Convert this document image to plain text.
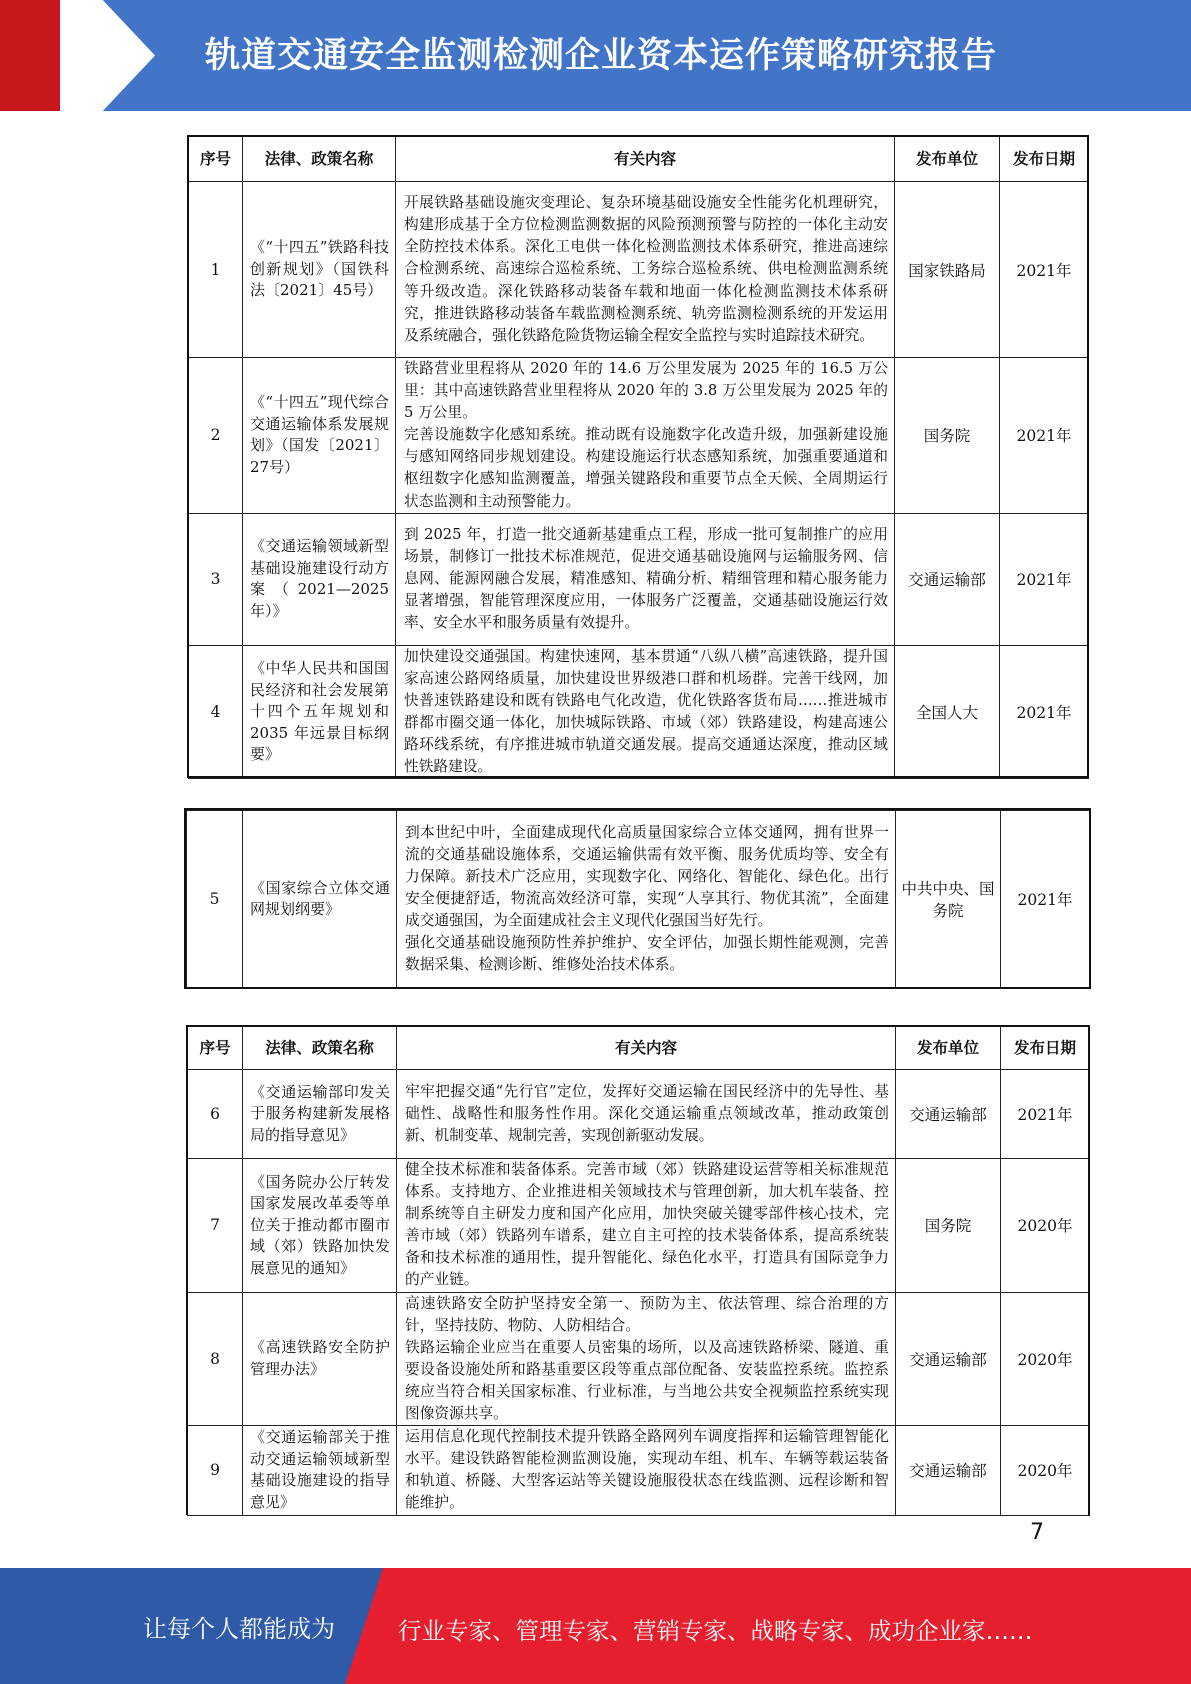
轨道交通安全监测检测企业资本运作策略研究报告
序号	法律、政策名称	有关内容	发布单位	发布日期
1	《“十四五”铁路科技创新规划》（国铁科法〔2021〕45号）	开展铁路基础设施灾变理论、复杂环境基础设施安全性能劣化机理研究，构建形成基于全方位检测监测数据的风险预测预警与防控的一体化主动安全防控技术体系。深化工电供一体化检测监测技术体系研究，推进高速综合检测系统、高速综合巡检系统、工务综合巡检系统、供电检测监测系统等升级改造。深化铁路移动装备车载和地面一体化检测监测技术体系研究，推进铁路移动装备车载监测检测系统、轨旁监测检测系统的开发运用及系统融合，强化铁路危险货物运输全程安全监控与实时追踪技术研究。	国家铁路局	2021年
2	《“十四五”现代综合交通运输体系发展规划》（国发〔2021〕27号）	铁路营业里程将从 2020 年的 14.6 万公里发展为 2025 年的 16.5 万公里：其中高速铁路营业里程将从 2020 年的 3.8 万公里发展为 2025 年的 5 万公里。
完善设施数字化感知系统。推动既有设施数字化改造升级，加强新建设施与感知网络同步规划建设。构建设施运行状态感知系统，加强重要通道和枢纽数字化感知监测覆盖，增强关键路段和重要节点全天候、全周期运行状态监测和主动预警能力。	国务院	2021年
3	《交通运输领域新型基础设施建设行动方案（2021—2025年）》	到 2025 年，打造一批交通新基建重点工程，形成一批可复制推广的应用场景，制修订一批技术标准规范，促进交通基础设施网与运输服务网、信息网、能源网融合发展，精准感知、精确分析、精细管理和精心服务能力显著增强，智能管理深度应用，一体服务广泛覆盖，交通基础设施运行效率、安全水平和服务质量有效提升。	交通运输部	2021年
4	《中华人民共和国国民经济和社会发展第十四个五年规划和 2035 年远景目标纲要》	加快建设交通强国。构建快速网，基本贯通“八纵八横”高速铁路，提升国家高速公路网络质量，加快建设世界级港口群和机场群。完善干线网，加快普速铁路建设和既有铁路电气化改造，优化铁路客货布局……推进城市群都市圈交通一体化，加快城际铁路、市域（郊）铁路建设，构建高速公路环线系统，有序推进城市轨道交通发展。提高交通通达深度，推动区域性铁路建设。	全国人大	2021年
5	《国家综合立体交通网规划纲要》	到本世纪中叶，全面建成现代化高质量国家综合立体交通网，拥有世界一流的交通基础设施体系，交通运输供需有效平衡、服务优质均等、安全有力保障。新技术广泛应用，实现数字化、网络化、智能化、绿色化。出行安全便捷舒适，物流高效经济可靠，实现“人享其行、物优其流”，全面建成交通强国，为全面建成社会主义现代化强国当好先行。
强化交通基础设施预防性养护维护、安全评估，加强长期性能观测，完善数据采集、检测诊断、维修处治技术体系。	中共中央、国务院	2021年
序号	法律、政策名称	有关内容	发布单位	发布日期
6	《交通运输部印发关于服务构建新发展格局的指导意见》	牢牢把握交通“先行官”定位，发挥好交通运输在国民经济中的先导性、基础性、战略性和服务性作用。深化交通运输重点领域改革，推动政策创新、机制变革、规制完善，实现创新驱动发展。	交通运输部	2021年
7	《国务院办公厅转发国家发展改革委等单位关于推动都市圈市域（郊）铁路加快发展意见的通知》	健全技术标准和装备体系。完善市域（郊）铁路建设运营等相关标准规范体系。支持地方、企业推进相关领域技术与管理创新，加大机车装备、控制系统等自主研发力度和国产化应用，加快突破关键零部件核心技术，完善市域（郊）铁路列车谱系，建立自主可控的技术装备体系，提高系统装备和技术标准的通用性，提升智能化、绿色化水平，打造具有国际竞争力的产业链。	国务院	2020年
8	《高速铁路安全防护管理办法》	高速铁路安全防护坚持安全第一、预防为主、依法管理、综合治理的方针，坚持技防、物防、人防相结合。
铁路运输企业应当在重要人员密集的场所，以及高速铁路桥梁、隧道、重要设备设施处所和路基重要区段等重点部位配备、安装监控系统。监控系统应当符合相关国家标准、行业标准，与当地公共安全视频监控系统实现图像资源共享。	交通运输部	2020年
9	《交通运输部关于推动交通运输领域新型基础设施建设的指导意见》	运用信息化现代控制技术提升铁路全路网列车调度指挥和运输管理智能化水平。建设铁路智能检测监测设施，实现动车组、机车、车辆等载运装备和轨道、桥隧、大型客运站等关键设施服役状态在线监测、远程诊断和智能维护。	交通运输部	2020年
7
让每个人都能成为	行业专家、管理专家、营销专家、战略专家、成功企业家……
